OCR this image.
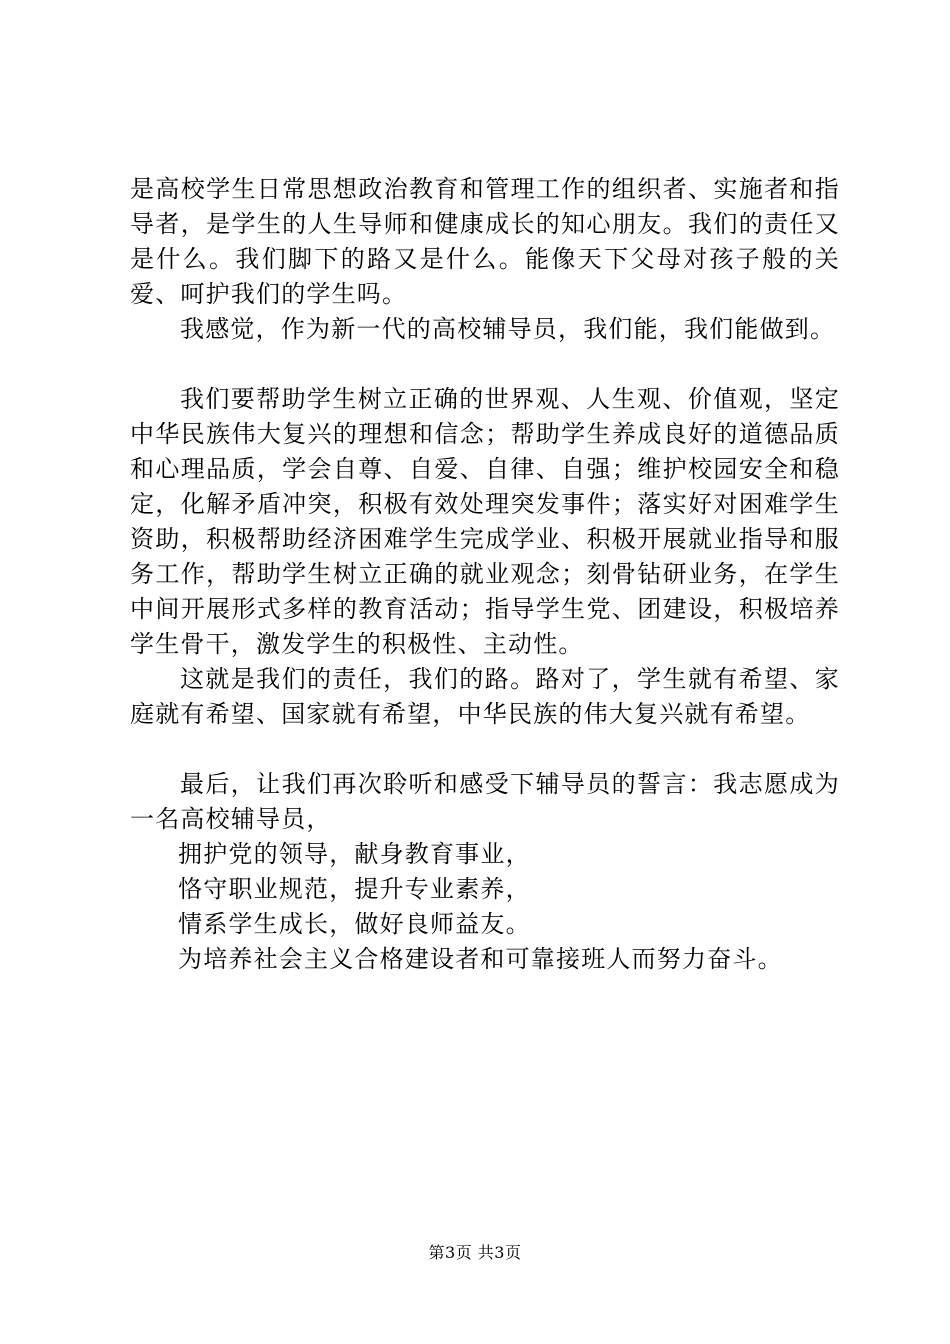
是高校学生日常思想政治教育和管理工作的组织者、实施者和指导者，是学生的人生导师和健康成长的知心朋友。我们的责任又是什么。我们脚下的路又是什么。能像天下父母对孩子般的关爱、呵护我们的学生吗。

我感觉，作为新一代的高校辅导员，我们能，我们能做到。

我们要帮助学生树立正确的世界观、人生观、价值观，坚定中华民族伟大复兴的理想和信念；帮助学生养成良好的道德品质和心理品质，学会自尊、自爱、自律、自强；维护校园安全和稳定，化解矛盾冲突，积极有效处理突发事件；落实好对困难学生资助，积极帮助经济困难学生完成学业、积极开展就业指导和服务工作，帮助学生树立正确的就业观念；刻骨钻研业务，在学生中间开展形式多样的教育活动；指导学生党、团建设，积极培养学生骨干，激发学生的积极性、主动性。

这就是我们的责任，我们的路。路对了，学生就有希望、家庭就有希望、国家就有希望，中华民族的伟大复兴就有希望。

最后，让我们再次聆听和感受下辅导员的誓言：我志愿成为一名高校辅导员，

拥护党的领导，献身教育事业，

恪守职业规范，提升专业素养，

情系学生成长，做好良师益友。

为培养社会主义合格建设者和可靠接班人而努力奋斗。

第3页 共3页
